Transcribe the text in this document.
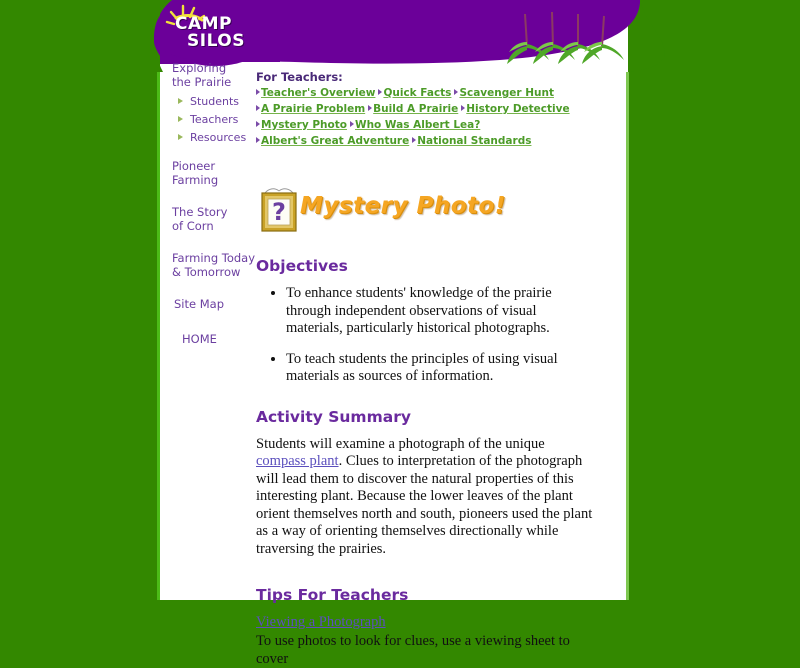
CAMP SILOS
Exploring
the Prairie
Students
Teachers
Resources
Pioneer
Farming
The Story
of Corn
Farming Today
& Tomorrow
Site Map
HOME
For Teachers:
Teacher's Overview Quick Facts Scavenger Hunt
A Prairie Problem Build A Prairie History Detective
Mystery Photo Who Was Albert Lea?
Albert's Great Adventure National Standards
? Mystery Photo!
Objectives
• To enhance students' knowledge of the prairie through independent observations of visual materials, particularly historical photographs.
• To teach students the principles of using visual materials as sources of information.
Activity Summary

Students will examine a photograph of the unique compass plant. Clues to interpretation of the photograph will lead them to discover the natural properties of this interesting plant. Because the lower leaves of the plant orient themselves north and south, pioneers used the plant as a way of orienting themselves directionally while traversing the prairies.

Tips For Teachers
Viewing a Photograph

To use photos to look for clues, use a viewing sheet to cover
